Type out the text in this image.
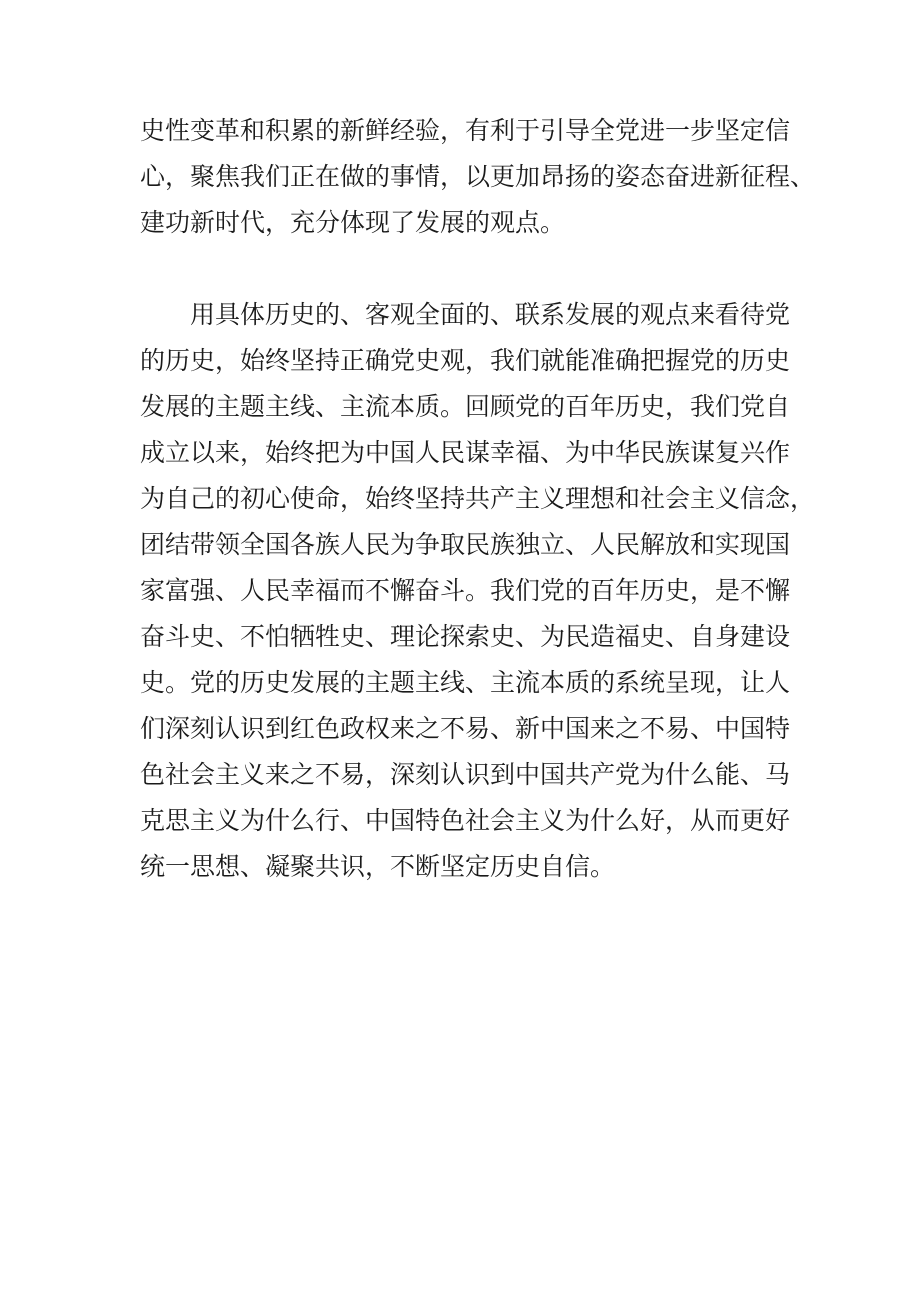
史性变革和积累的新鲜经验，有利于引导全党进一步坚定信
心，聚焦我们正在做的事情，以更加昂扬的姿态奋进新征程、
建功新时代，充分体现了发展的观点。
　　用具体历史的、客观全面的、联系发展的观点来看待党
的历史，始终坚持正确党史观，我们就能准确把握党的历史
发展的主题主线、主流本质。回顾党的百年历史，我们党自
成立以来，始终把为中国人民谋幸福、为中华民族谋复兴作
为自己的初心使命，始终坚持共产主义理想和社会主义信念，
团结带领全国各族人民为争取民族独立、人民解放和实现国
家富强、人民幸福而不懈奋斗。我们党的百年历史，是不懈
奋斗史、不怕牺牲史、理论探索史、为民造福史、自身建设
史。党的历史发展的主题主线、主流本质的系统呈现，让人
们深刻认识到红色政权来之不易、新中国来之不易、中国特
色社会主义来之不易，深刻认识到中国共产党为什么能、马
克思主义为什么行、中国特色社会主义为什么好，从而更好
统一思想、凝聚共识，不断坚定历史自信。
